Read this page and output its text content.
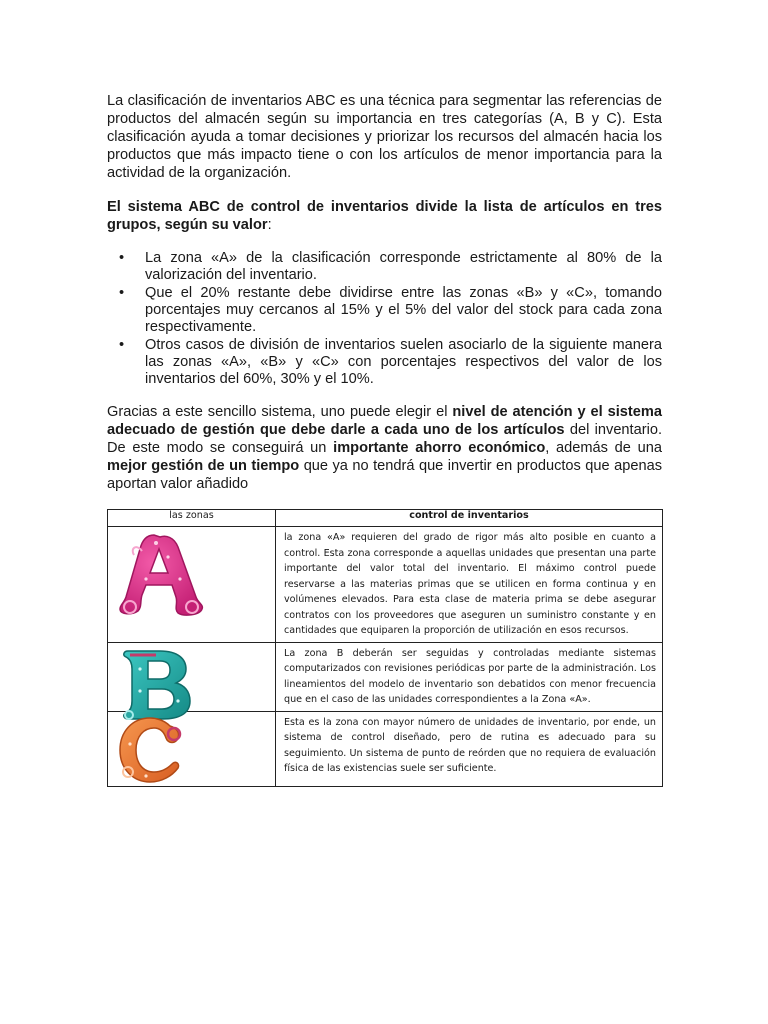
La clasificación de inventarios ABC es una técnica para segmentar las referencias de productos del almacén según su importancia en tres categorías (A, B y C). Esta clasificación ayuda a tomar decisiones y priorizar los recursos del almacén hacia los productos que más impacto tiene o con los artículos de menor importancia para la actividad de la organización.

El sistema ABC de control de inventarios divide la lista de artículos en tres grupos, según su valor:

• La zona «A» de la clasificación corresponde estrictamente al 80% de la valorización del inventario.
• Que el 20% restante debe dividirse entre las zonas «B» y «C», tomando porcentajes muy cercanos al 15% y el 5% del valor del stock para cada zona respectivamente.
• Otros casos de división de inventarios suelen asociarlo de la siguiente manera las zonas «A», «B» y «C» con porcentajes respectivos del valor de los inventarios del 60%, 30% y el 10%.

Gracias a este sencillo sistema, uno puede elegir el nivel de atención y el sistema adecuado de gestión que debe darle a cada uno de los artículos del inventario. De este modo se conseguirá un importante ahorro económico, además de una mejor gestión de un tiempo que ya no tendrá que invertir en productos que apenas aportan valor añadido

las zonas	control de inventarios

	la zona «A» requieren del grado de rigor más alto posible en cuanto a control. Esta zona corresponde a aquellas unidades que presentan una parte importante del valor total del inventario. El máximo control puede reservarse a las materias primas que se utilicen en forma continua y en volúmenes elevados. Para esta clase de materia prima se debe asegurar contratos con los proveedores que aseguren un suministro constante y en cantidades que equiparen la proporción de utilización en esos recursos.

	La zona B deberán ser seguidas y controladas mediante sistemas computarizados con revisiones periódicas por parte de la administración. Los lineamientos del modelo de inventario son debatidos con menor frecuencia que en el caso de las unidades correspondientes a la Zona «A».

	Esta es la zona con mayor número de unidades de inventario, por ende, un sistema de control diseñado, pero de rutina es adecuado para su seguimiento. Un sistema de punto de reórden que no requiera de evaluación física de las existencias suele ser suficiente.
